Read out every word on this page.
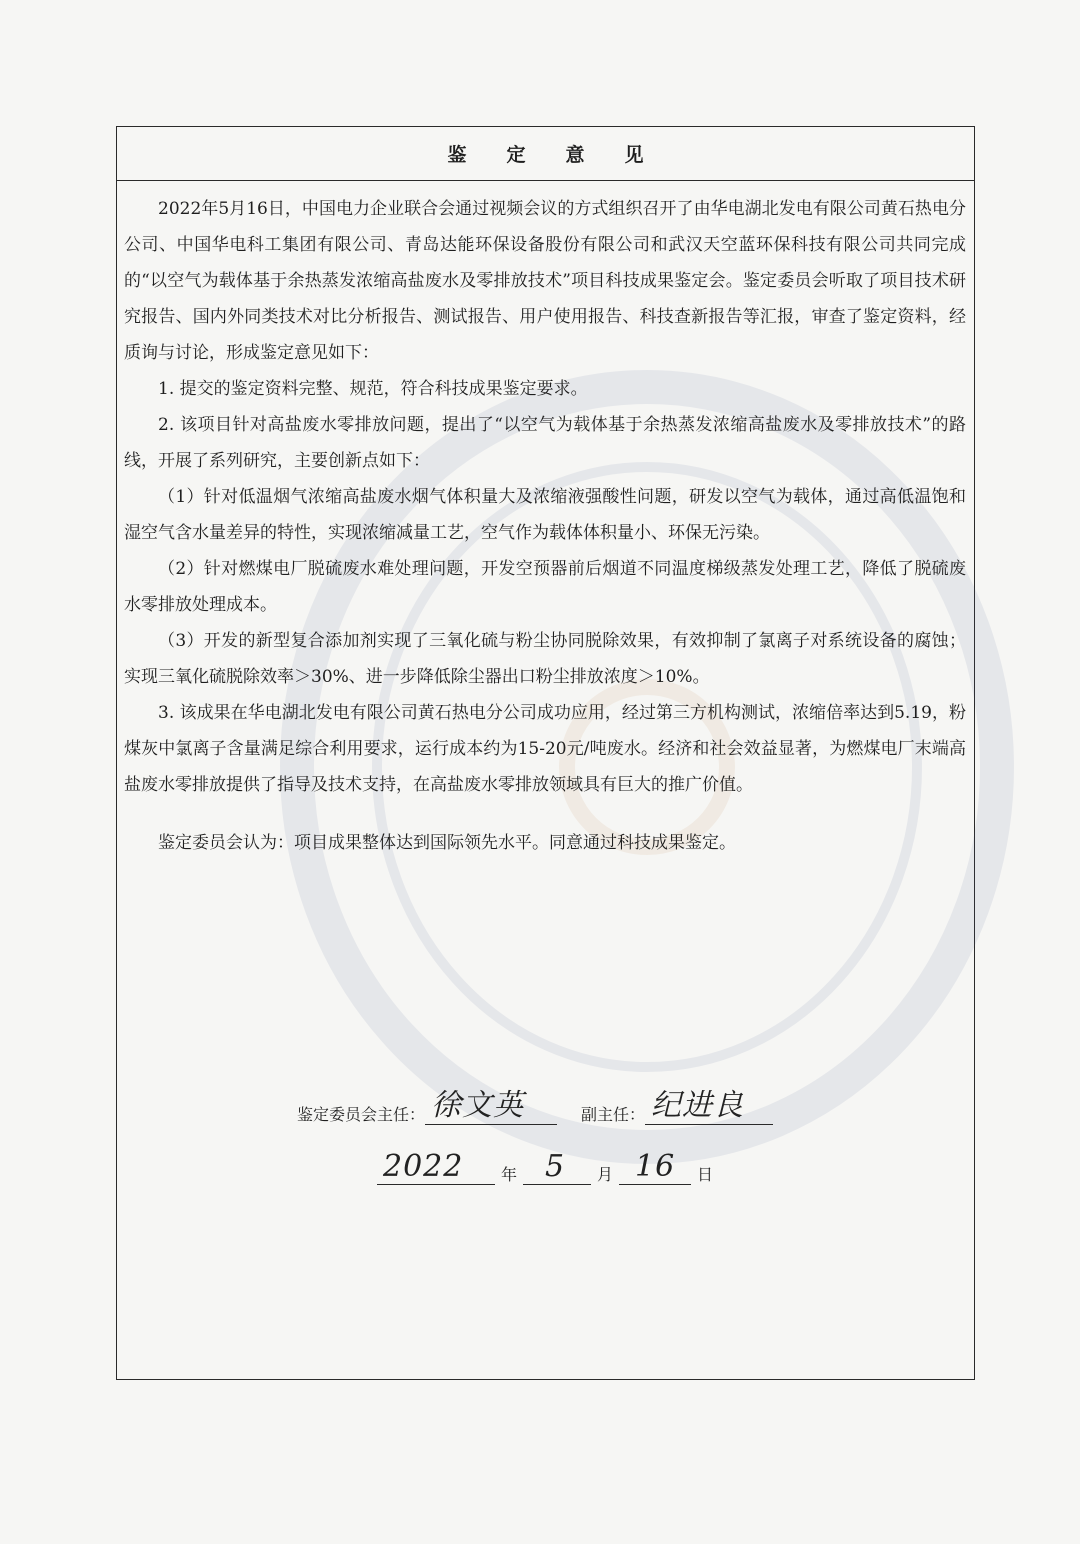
鉴定意见

2022年5月16日，中国电力企业联合会通过视频会议的方式组织召开了由华电湖北发电有限公司黄石热电分公司、中国华电科工集团有限公司、青岛达能环保设备股份有限公司和武汉天空蓝环保科技有限公司共同完成的“以空气为载体基于余热蒸发浓缩高盐废水及零排放技术”项目科技成果鉴定会。鉴定委员会听取了项目技术研究报告、国内外同类技术对比分析报告、测试报告、用户使用报告、科技查新报告等汇报，审查了鉴定资料，经质询与讨论，形成鉴定意见如下：

1. 提交的鉴定资料完整、规范，符合科技成果鉴定要求。

2. 该项目针对高盐废水零排放问题，提出了“以空气为载体基于余热蒸发浓缩高盐废水及零排放技术”的路线，开展了系列研究，主要创新点如下：

（1）针对低温烟气浓缩高盐废水烟气体积量大及浓缩液强酸性问题，研发以空气为载体，通过高低温饱和湿空气含水量差异的特性，实现浓缩减量工艺，空气作为载体体积量小、环保无污染。

（2）针对燃煤电厂脱硫废水难处理问题，开发空预器前后烟道不同温度梯级蒸发处理工艺，降低了脱硫废水零排放处理成本。

（3）开发的新型复合添加剂实现了三氧化硫与粉尘协同脱除效果，有效抑制了氯离子对系统设备的腐蚀；实现三氧化硫脱除效率＞30%、进一步降低除尘器出口粉尘排放浓度＞10%。

3. 该成果在华电湖北发电有限公司黄石热电分公司成功应用，经过第三方机构测试，浓缩倍率达到5.19，粉煤灰中氯离子含量满足综合利用要求，运行成本约为15-20元/吨废水。经济和社会效益显著，为燃煤电厂末端高盐废水零排放提供了指导及技术支持，在高盐废水零排放领域具有巨大的推广价值。

鉴定委员会认为：项目成果整体达到国际领先水平。同意通过科技成果鉴定。

鉴定委员会主任： 徐文英	副主任： 纪进良
2022 年 5 月 16 日
